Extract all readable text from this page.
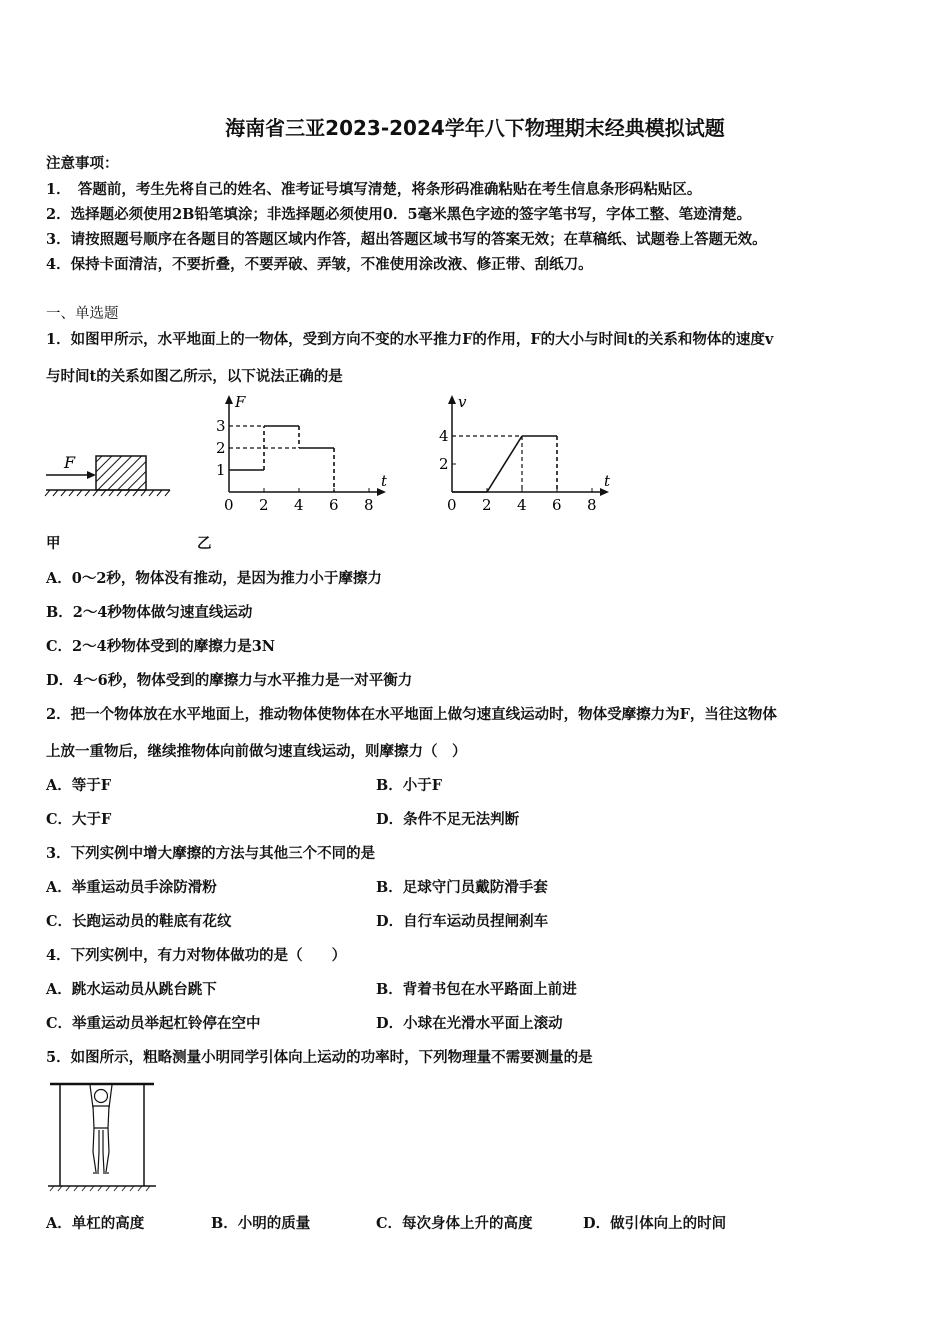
海南省三亚2023-2024学年八下物理期末经典模拟试题
注意事项：
1．　答题前，考生先将自己的姓名、准考证号填写清楚，将条形码准确粘贴在考生信息条形码粘贴区。
2．选择题必须使用2B铅笔填涂；非选择题必须使用0．5毫米黑色字迹的签字笔书写，字体工整、笔迹清楚。
3．请按照题号顺序在各题目的答题区域内作答，超出答题区域书写的答案无效；在草稿纸、试题卷上答题无效。
4．保持卡面清洁，不要折叠，不要弄破、弄皱，不准使用涂改液、修正带、刮纸刀。
一、单选题
1．如图甲所示，水平地面上的一物体，受到方向不变的水平推力F的作用，F的大小与时间t的关系和物体的速度v
与时间t的关系如图乙所示，以下说法正确的是
F
t
F
0 2 4 6 8
1
2
3
t
v
0 2 4 6 8
2
4
甲	乙
A．0～2秒，物体没有推动，是因为推力小于摩擦力
B．2～4秒物体做匀速直线运动
C．2～4秒物体受到的摩擦力是3N
D．4～6秒，物体受到的摩擦力与水平推力是一对平衡力
2．把一个物体放在水平地面上，推动物体使物体在水平地面上做匀速直线运动时，物体受摩擦力为F，当往这物体
上放一重物后，继续推物体向前做匀速直线运动，则摩擦力（　）
A．等于F	B．小于F
C．大于F	D．条件不足无法判断
3．下列实例中增大摩擦的方法与其他三个不同的是
A．举重运动员手涂防滑粉	B．足球守门员戴防滑手套
C．长跑运动员的鞋底有花纹	D．自行车运动员捏闸刹车
4．下列实例中，有力对物体做功的是（　　）
A．跳水运动员从跳台跳下	B．背着书包在水平路面上前进
C．举重运动员举起杠铃停在空中	D．小球在光滑水平面上滚动
5．如图所示，粗略测量小明同学引体向上运动的功率时，下列物理量不需要测量的是
A．单杠的高度	B．小明的质量	C．每次身体上升的高度	D．做引体向上的时间
